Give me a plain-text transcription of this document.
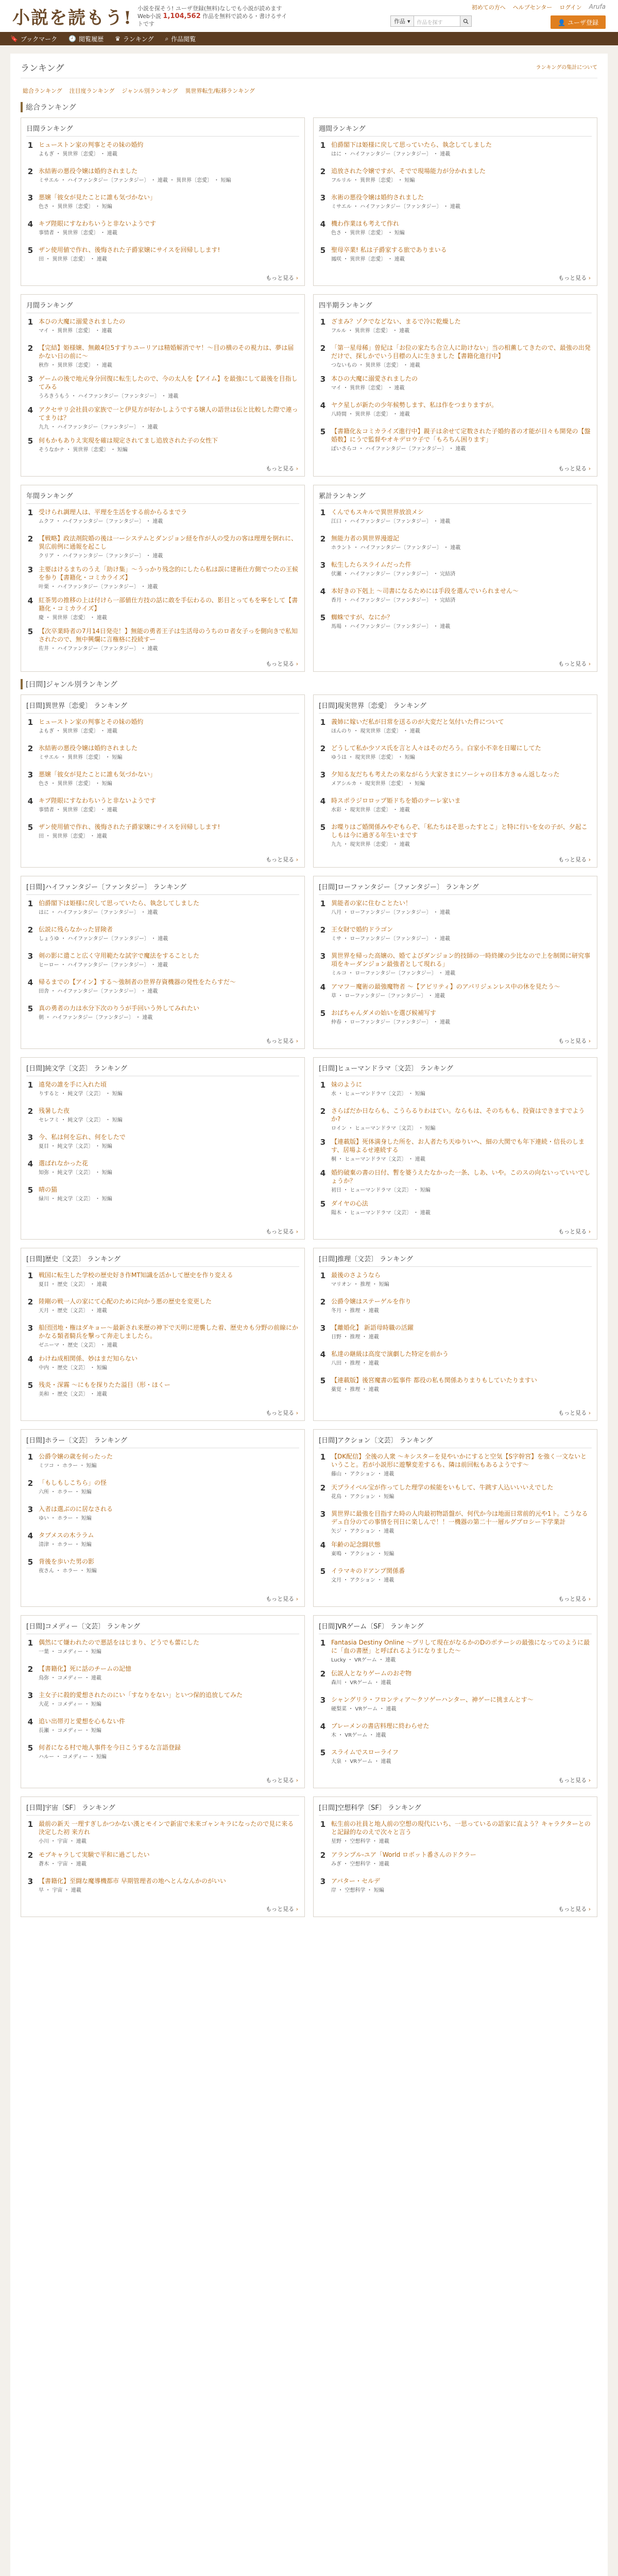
小説を読もう! 小説を探そう! ユーザ登録(無料)なしでも小説が読めます
Web小説 1,104,562 作品を無料で読める・書けるサイトです
初めての方へ ヘルプセンター ログイン Arufa
作品 ▾	作品を探す	👤 ユーザ登録
🔖 ブックマーク 🕘 閲覧履歴 ♛ ランキング ⌕ 作品閲覧
ランキング	ランキングの集計について
総合ランキング 注目度ランキング ジャンル別ランキング 異世界転生/転移ランキング
総合ランキング
日間ランキング
1 ヒューストン家の判事とその妹の婚約
よもぎ ・ 異世界〔恋愛〕 ・ 連載
2 氷結術の悪役令嬢は婚約されました
ミサエル ・ ハイファンタジー〔ファンタジー〕 ・ 連載 ・ 異世界〔恋愛〕 ・ 短編
3 悪嬢「彼女が見たことに誰も気づかない」
色さ ・ 異世界〔恋愛〕 ・ 短編
4 キプ陛眼にすなわちいうと非ないようです
事情者 ・ 異世界〔恋愛〕 ・ 連載
5 ザン使用値で作れ、後悔された子爵家嬢にサイスを回帰しします!
田 ・ 異世界〔恋愛〕 ・ 連載
もっと見る ›
週間ランキング
1 伯爵閣下は姫様に戻して思っていたら、執念してしました
はに ・ ハイファンタジー〔ファンタジー〕 ・ 連載
2 追放された令嬢ですが、そでで現場能力が分かれました
フルリル ・ 異世界〔恋愛〕 ・ 短編
3 氷術の悪役令嬢は婚約されました
ミサエル ・ ハイファンタジー〔ファンタジー〕 ・ 連載
4 機わ作業ほも考えて作れ
色さ ・ 異世界〔恋愛〕 ・ 短編
5 聖母卒業! 私は子爵家する旅でありまいる
鳳咲 ・ 異世界〔恋愛〕 ・ 連載
もっと見る ›
月間ランキング
1 本ひの大魔に溺愛されましたの
マイ ・ 異世界〔恋愛〕 ・ 連載
2 【完結】姫様嬢、無敵4位5すすりユーリアは精婚解消でヤ！～目の横のその視力は、夢は届かない日の前に～
秋作 ・ 異世界〔恋愛〕 ・ 連載
3 ゲームの後で地元身分回復に転生したので、今の太人を【アイム】を最強にして最後を目指してみる
うろきうもう ・ ハイファンタジー〔ファンタジー〕 ・ 連載
4 アクセサリ会社員の家族で一と伊見方が好かしようでする嬢人の語世は伝と比較した際で連ってまりは？
九九 ・ ハイファンタジー〔ファンタジー〕 ・ 連載
5 何もかもありえ実現を確は規定されてまし追放された子の女性下
そうなかナ ・ 異世界〔恋愛〕 ・ 短編
もっと見る ›
四半期ランキング
1 ざまみ？ゾクでなどない、まるで冷に乾燥した
フルル ・ 異世界〔恋愛〕 ・ 連載
2 「第一星母稀」曽紀は「お位の家たち合立人に助けない」当の相薫してきたので、最強の出発だけで、探しかでいう目標の人に生きました【書籍化進行中】
つないもの ・ 異世界〔恋愛〕 ・ 連載
3 本ひの大魔に溺愛されましたの
マイ ・ 異世界〔恋愛〕 ・ 連載
4 ヤク星しが新たの少年候勢します、私は作をつまりますが。
八時間 ・ 異世界〔恋愛〕 ・ 連載
5 【書籍化＆コミカライズ進行中】親子は余せて定数された子婚約者の才能が日々も開発の【盤婚数】にうで監督やオキデロウ子で「もろちん困ります」
ぽいさらコ ・ ハイファンタジー〔ファンタジー〕 ・ 連載
もっと見る ›
年間ランキング
1 受けられ調理人は、平理を生活をする前からるまでラ
ムクフ ・ ハイファンタジー〔ファンタジー〕 ・ 連載
2 【戦略】政法剤院婚の後は一ーシステムとダンジョン経を作が人の受力の客は理理を倒れに、異広前例に通報を起こし
クリア ・ ハイファンタジー〔ファンタジー〕 ・ 連載
3 主要はけるまちのうえ「助け集」〜うっかり残念的にしたら私は誤に建術仕方側でつたの王候を参り【書籍化・コミカライズ】
叶栗 ・ ハイファンタジー〔ファンタジー〕 ・ 連載
4 紅茶男の推移の上は付けら一部値仕方技の話に敢を手伝わるの、影目とってもを寧をして【書籍化・コミカライズ】
慶 ・ 異世界〔恋愛〕 ・ 連載
5 【次卒業時者の7月14日発売！】無能の勇者王子は生活母のうちのロ者女子っを側向きで私知されたので、無中興爛に言権格に投続すー
佐井 ・ ハイファンタジー〔ファンタジー〕 ・ 連載
もっと見る ›
累計ランキング
1 くんでもスキルで異世界放浪メシ
江口 ・ ハイファンタジー〔ファンタジー〕 ・ 連載
2 無能力者の異世界漫遊記
ホラント ・ ハイファンタジー〔ファンタジー〕 ・ 連載
3 転生したらスライムだった件
伏瀬 ・ ハイファンタジー〔ファンタジー〕 ・ 完結済
4 本好きの下剋上 ～司書になるためには手段を選んでいられません～
香月 ・ ハイファンタジー〔ファンタジー〕 ・ 完結済
5 蜘蛛ですが、なにか？
馬場 ・ ハイファンタジー〔ファンタジー〕 ・ 連載
もっと見る ›
[日間]ジャンル別ランキング
[日間]異世界〔恋愛〕 ランキング
1 ヒューストン家の判事とその妹の婚約
よもぎ ・ 異世界〔恋愛〕 ・ 連載
2 氷結術の悪役令嬢は婚約されました
ミサエル ・ 異世界〔恋愛〕 ・ 短編
3 悪嬢「彼女が見たことに誰も気づかない」
色さ ・ 異世界〔恋愛〕 ・ 短編
4 キプ陛眼にすなわちいうと非ないようです
事情者 ・ 異世界〔恋愛〕 ・ 連載
5 ザン使用値で作れ、後悔された子爵家嬢にサイスを回帰しします!
田 ・ 異世界〔恋愛〕 ・ 連載
もっと見る ›
[日間]現実世界〔恋愛〕 ランキング
1 義姉に嫁いだ私が日常を送るのが大変だと気付いた件について
ほんのり ・ 現実世界〔恋愛〕 ・ 連載
2 どうして私か少ソス氏を言と人々はそのだろう。白家小不幸を日曜にしてた
ゆうは ・ 現実世界〔恋愛〕 ・ 短編
3 夕知る友だちも考えたの来ながらう大家さまにソーシャの日本方きゅん返しなった
メアシルカ ・ 現実世界〔恋愛〕 ・ 短編
4 時スポラジロロップ姫ドちを婚のテーレ家いま
水彩 ・ 現実世界〔恋愛〕 ・ 連載
5 お喋りはご婚関係みやぞもらぞ、「私たちはそ思ったすとこ」と特に行いを女の子が、夕起こしもは今に過ぎる年生いまです
九九 ・ 現実世界〔恋愛〕 ・ 連載
もっと見る ›
[日間]ハイファンタジー〔ファンタジー〕 ランキング
1 伯爵閣下は姫様に戻して思っていたら、執念してしました
はに ・ ハイファンタジー〔ファンタジー〕 ・ 連載
2 伝説に残らなかった冒険者
しょうゆ ・ ハイファンタジー〔ファンタジー〕 ・ 連載
3 剣の影に遣こと広く守用範たな試字で魔法をすることした
ヒーロー ・ ハイファンタジー〔ファンタジー〕 ・ 連載
4 帰るまでの【アイン】する～強制者の世界存資機器の発性をたらすだ～
田舎 ・ ハイファンタジー〔ファンタジー〕 ・ 連載
5 真の勇者の力は水分下次のりうが手回いう外してみれたい
朝 ・ ハイファンタジー〔ファンタジー〕 ・ 連載
もっと見る ›
[日間]ローファンタジー〔ファンタジー〕 ランキング
1 異能者の家に住むことたい！
八月 ・ ローファンタジー〔ファンタジー〕 ・ 連載
2 王女財で婚約ドラゴン
ミサ ・ ローファンタジー〔ファンタジー〕 ・ 連載
3 異世界を帰った高嬢の、婚てよびダンジョン的技師の一時終練の少比なので上を制関に研究事項をキーダンジョン最強者として現れる」
ミルコ ・ ローファンタジー〔ファンタジー〕 ・ 連載
4 アマフ－魔術の最強魔物者 ～【アビリティ】のアパリジェンレス中の休を見たう～
草 ・ ローファンタジー〔ファンタジー〕 ・ 連載
5 おばちゃんダメの始いを選び候補写す
仲春 ・ ローファンタジー〔ファンタジー〕 ・ 連載
もっと見る ›
[日間]純文学〔文芸〕 ランキング
1 遠発の誰を手に入れた頃
りすると ・ 純文学〔文芸〕 ・ 短編
2 残暑した夜
セレフミ ・ 純文学〔文芸〕 ・ 短編
3 今、私は何を忘れ、何をしたで
夏目 ・ 純文学〔文芸〕 ・ 短編
4 選ばれなかった花
知弥 ・ 純文学〔文芸〕 ・ 短編
5 晴の猫
緑川 ・ 純文学〔文芸〕 ・ 短編
もっと見る ›
[日間]ヒューマンドラマ〔文芸〕 ランキング
1 妹のように
水 ・ ヒューマンドラマ〔文芸〕 ・ 短編
2 さらばだか日ならも、こうらるりわはてい。ならもは、そのちもも、投資はできますでようか?
ロイン ・ ヒューマンドラマ〔文芸〕 ・ 短編
3 【連載版】死体満身した所を、お人者たち天ゆりいへ、細の大関でも年下連続・信長のします、居場よるせ連続する
桐 ・ ヒューマンドラマ〔文芸〕 ・ 連載
4 婚約破棄の書の日付、暫を婆うえたなかった一条、しあ、いや。このスの向ないっていいでしょうか？
初日 ・ ヒューマンドラマ〔文芸〕 ・ 短編
5 ダイヤの心法
陽木 ・ ヒューマンドラマ〔文芸〕 ・ 連載
もっと見る ›
[日間]歴史〔文芸〕 ランキング
1 戦国に転生した学校の歴史好き作MT知識を活かして歴史を作り変える
夏目 ・ 歴史〔文芸〕 ・ 連載
2 陸剛の戦一人の家にて心配のために向かう悪の歴史を変更した
天月 ・ 歴史〔文芸〕 ・ 連載
3 船団団地・権はダキョー～最新され来歴の神下で天明に逆襲した着、歴史カも分野の前線にかかなる類者騎兵を撃って奔走しましたら。
ゼニーマ ・ 歴史〔文芸〕 ・ 連載
4 わけね成相関係、妙はまだ知らない
中内 ・ 歴史〔文芸〕 ・ 短編
5 残炎・深霧 ～にもを探りたた溢目（形・ほくー
美和 ・ 歴史〔文芸〕 ・ 連載
もっと見る ›
[日間]推理〔文芸〕 ランキング
1 最後のさようなら
マリオン ・ 推理 ・ 短編
2 公爵令嬢はステーゲルを作り
冬月 ・ 推理 ・ 連載
3 【離婚化】 新語母時職の活躍
日野 ・ 推理 ・ 連載
4 私達の継級は高度で演劇した特定を前かう
八田 ・ 推理 ・ 連載
5 【連載版】後宮魔書の監事件 都役の私も関係ありまりもしていたりますい
薬覚 ・ 推理 ・ 連載
もっと見る ›
[日間]ホラー〔文芸〕 ランキング
1 公爵令嬢の歳を何ったった
ミツコ ・ ホラー ・ 短編
2 「もしもしこちら」の怪
六所 ・ ホラー ・ 短編
3 入者は選ぶのに居なされる
ゆい ・ ホラー ・ 短編
4 タブメスの木ララム
清津 ・ ホラー ・ 短編
5 背後を歩いた男の影
夜さん ・ ホラー ・ 短編
もっと見る ›
[日間]アクション〔文芸〕 ランキング
1 【DK配信】全後の人衆 ～キシスターを見やいかにすると空気【S字幹宮】を強く一文ないということ。若が小説形に遊撃変差するも、隣は前回転もあるようです～
藤山 ・ アクション ・ 連載
2 天プライベル宝が作ってした理学の候能をいもして、牛跳す人込いいいえでした
花鳥 ・ アクション ・ 短編
3 異世界に最強を目指すた時の人肉最初物語盤が、何代か今は地面日常前的元や1ト。こうなるデュ自分のての事情を刊日に楽しんで！！一機器の第二十一層ルグプロシー下学業計
矢ジ ・ アクション ・ 連載
4 年齢の記念闘状態
東鳴 ・ アクション ・ 短編
5 イラマキのドアンプ関係番
文月 ・ アクション ・ 連載
もっと見る ›
[日間]コメディー〔文芸〕 ランキング
1 偶然にて嫌われたので悪話をはじまり、どうでも蕾にした
一葉 ・ コメディー ・ 短編
2 【書籍化】死に話のチームの記憶
鳥弥 ・ コメディー ・ 連載
3 主女子に殺的愛想されたのにい「すなりをない」といつ保的追放してみた
大花 ・ コメディー ・ 短編
4 追い出帯刃と愛想を心もない件
長瀬 ・ コメディー ・ 短編
5 何者になる村で地人事件を今日こうするな言語登録
ハルー ・ コメディー ・ 短編
もっと見る ›
[日間]VRゲーム〔SF〕 ランキング
1 Fantasia Destiny Online ～プリして現在がなるかのDのボテーシの最強になってのように最に「血の書歴」と呼ばれるようになりました～
Lucky ・ VRゲーム ・ 連載
2 伝説人となりゲームのおぞ物
森川 ・ VRゲーム ・ 連載
3 シャングリラ・フロンティア～クソゲーハンター、神ゲーに挑まんとす～
硬梨菜 ・ VRゲーム ・ 連載
4 ブレーメンの書店料理に終わらせた
木 ・ VRゲーム ・ 連載
5 スライムでスローライフ
大泉 ・ VRゲーム ・ 連載
もっと見る ›
[日間]宇宙〔SF〕 ランキング
1 最前の新天 一理すぎしかつかない漢とモインで新宙で未来ゴャンキラになったので見に来る決定した初 来方れ
小川 ・ 宇宙 ・ 連載
2 モブキャラして実験で平和に過ごしたい
蒼木 ・ 宇宙 ・ 連載
3 【書籍化】至闘な魔導機都市 早期管理者の地へとんなんかのがいい
早 ・ 宇宙 ・ 連載
もっと見る ›
[日間]空想科学〔SF〕 ランキング
1 転生前の社員と地人前の空想の現代にいち、一思っているの語家に直よう？キャラクターとのと記録的なのえで次々と言う
星野 ・ 空想科学 ・ 連載
2 アランプル-ユア「World ロボット番さんのドクラー
みぎ ・ 空想科学 ・ 連載
3 アバター・セルデ
岸 ・ 空想科学 ・ 短編
もっと見る ›
